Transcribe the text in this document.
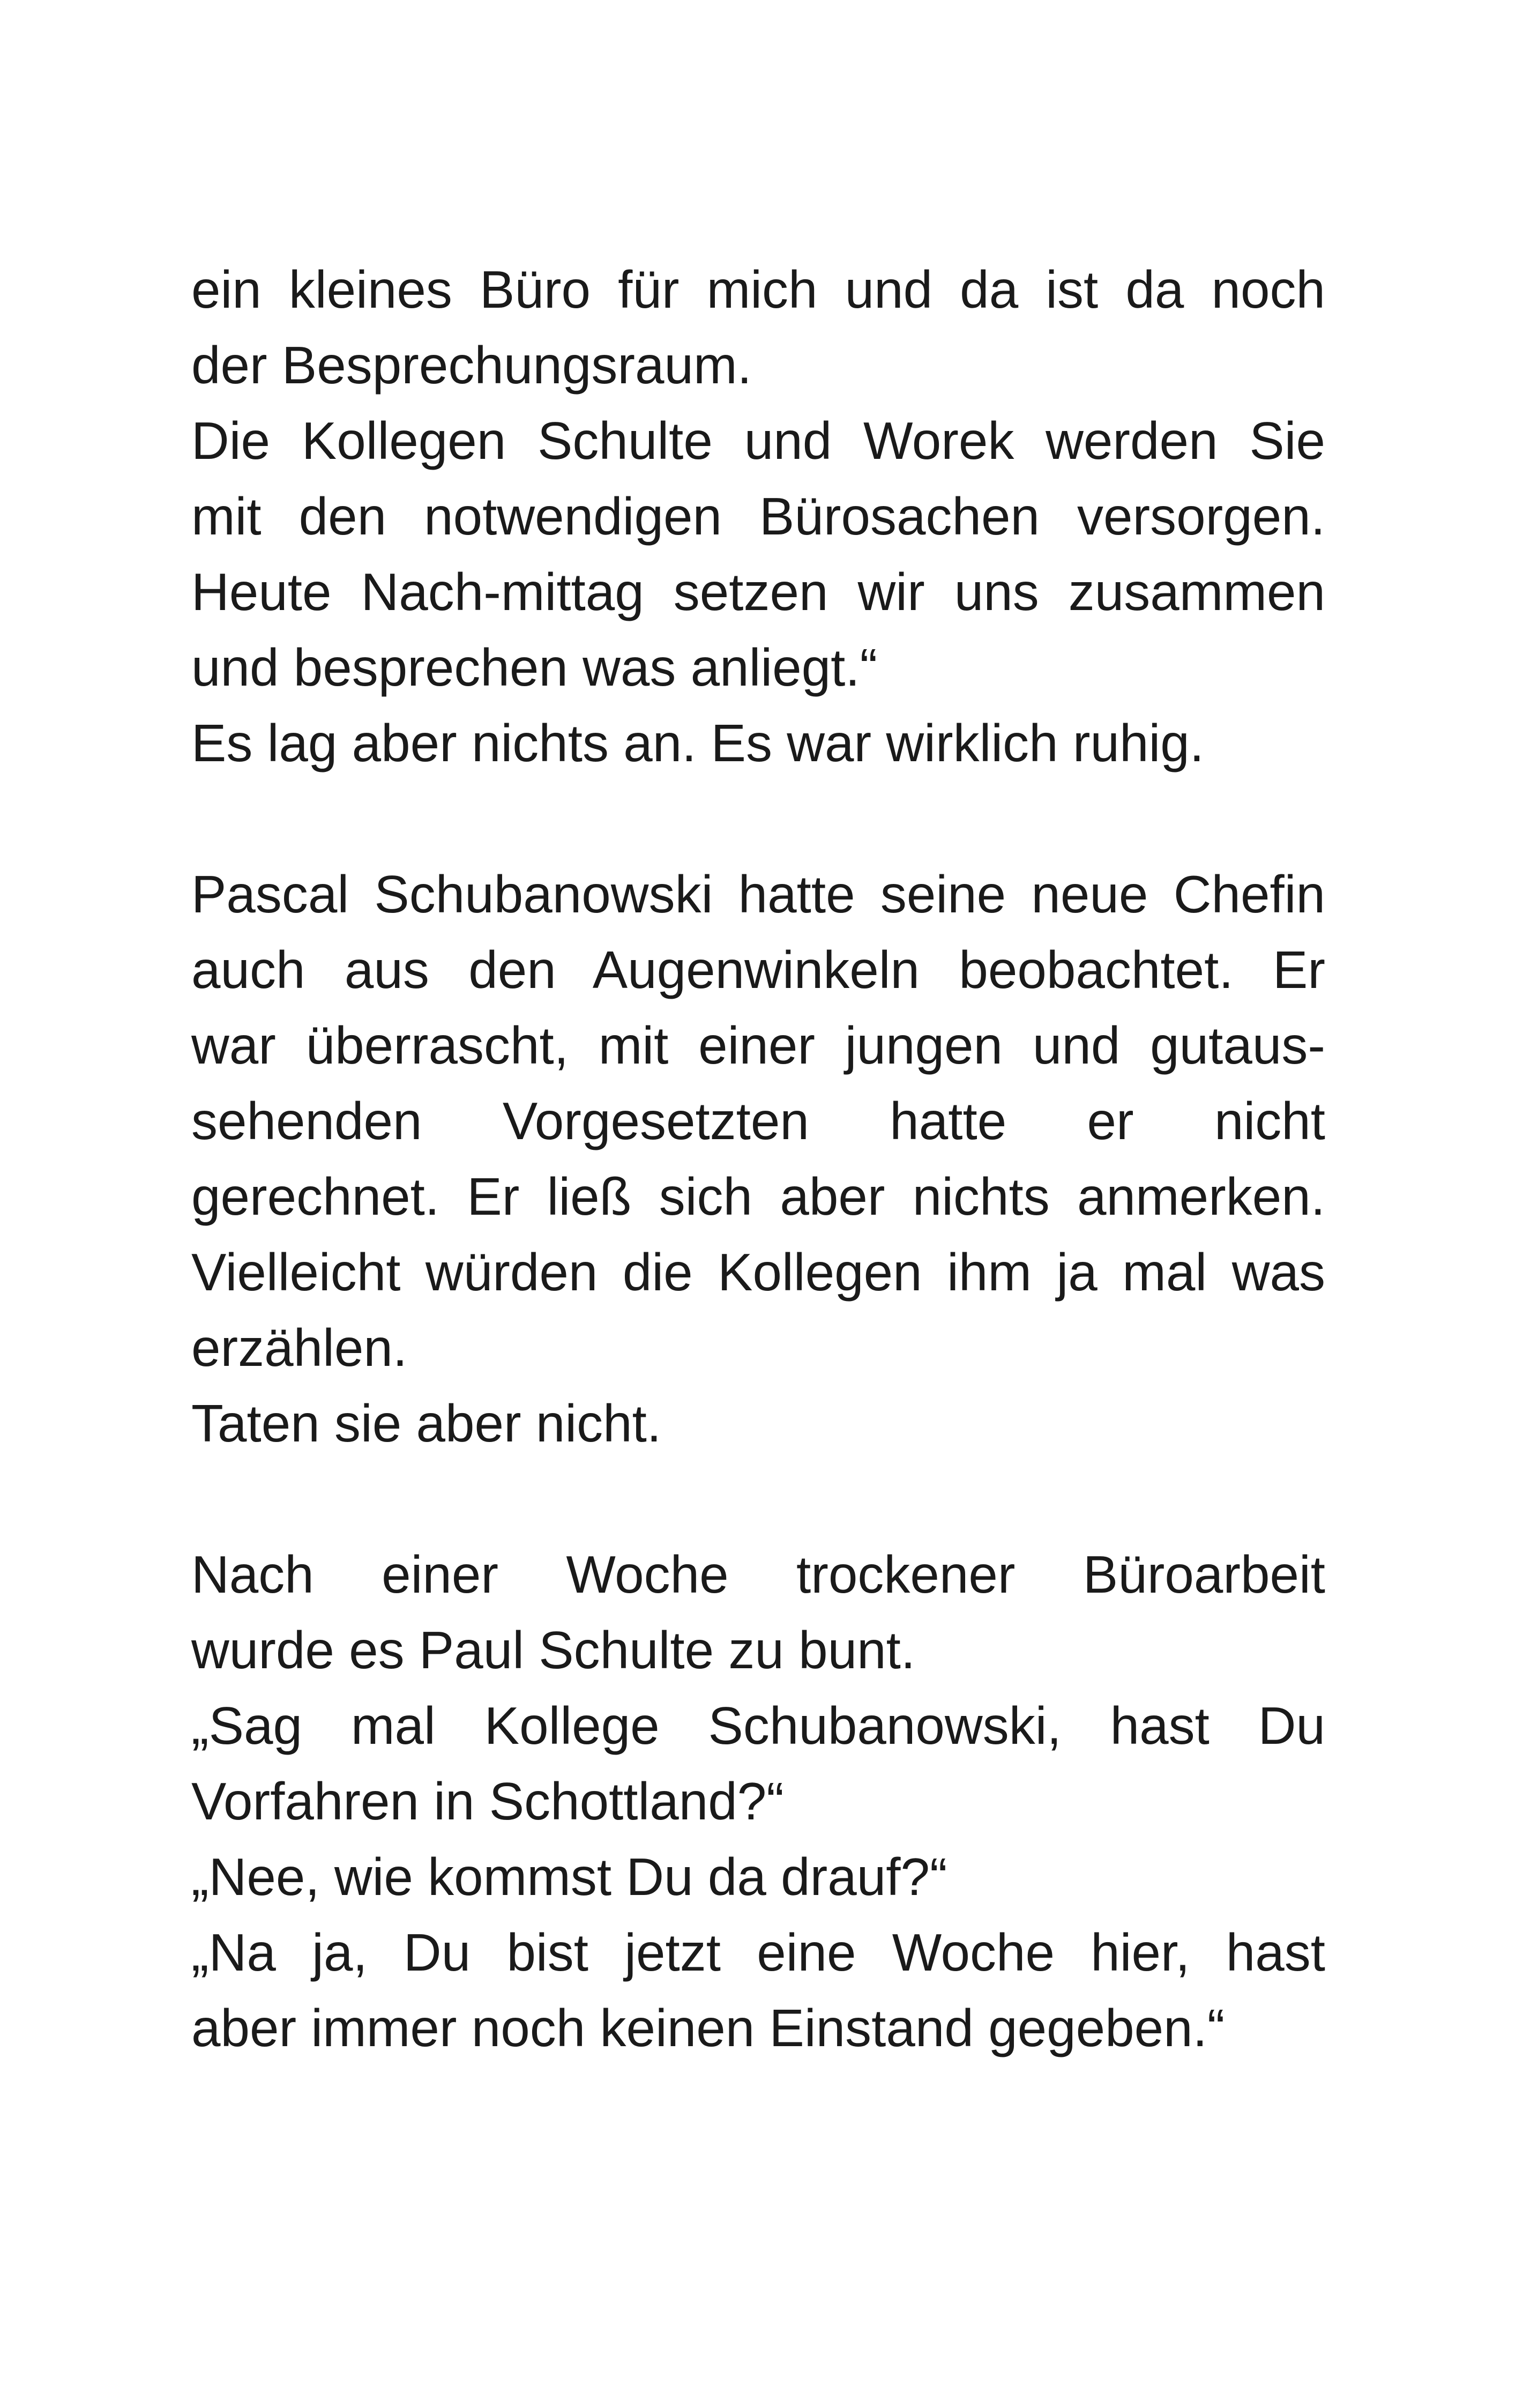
ein kleines Büro für mich und da ist da noch
der Besprechungsraum.
Die Kollegen Schulte und Worek werden Sie
mit den notwendigen Bürosachen versorgen.
Heute Nach-mittag setzen wir uns zusammen
und besprechen was anliegt.“
Es lag aber nichts an. Es war wirklich ruhig.
Pascal Schubanowski hatte seine neue Chefin
auch aus den Augenwinkeln beobachtet. Er
war überrascht, mit einer jungen und gutaus-
sehenden Vorgesetzten hatte er nicht
gerechnet. Er ließ sich aber nichts anmerken.
Vielleicht würden die Kollegen ihm ja mal was
erzählen.
Taten sie aber nicht.
Nach einer Woche trockener Büroarbeit
wurde es Paul Schulte zu bunt.
„Sag mal Kollege Schubanowski, hast Du
Vorfahren in Schottland?“
„Nee, wie kommst Du da drauf?“
„Na ja, Du bist jetzt eine Woche hier, hast
aber immer noch keinen Einstand gegeben.“
